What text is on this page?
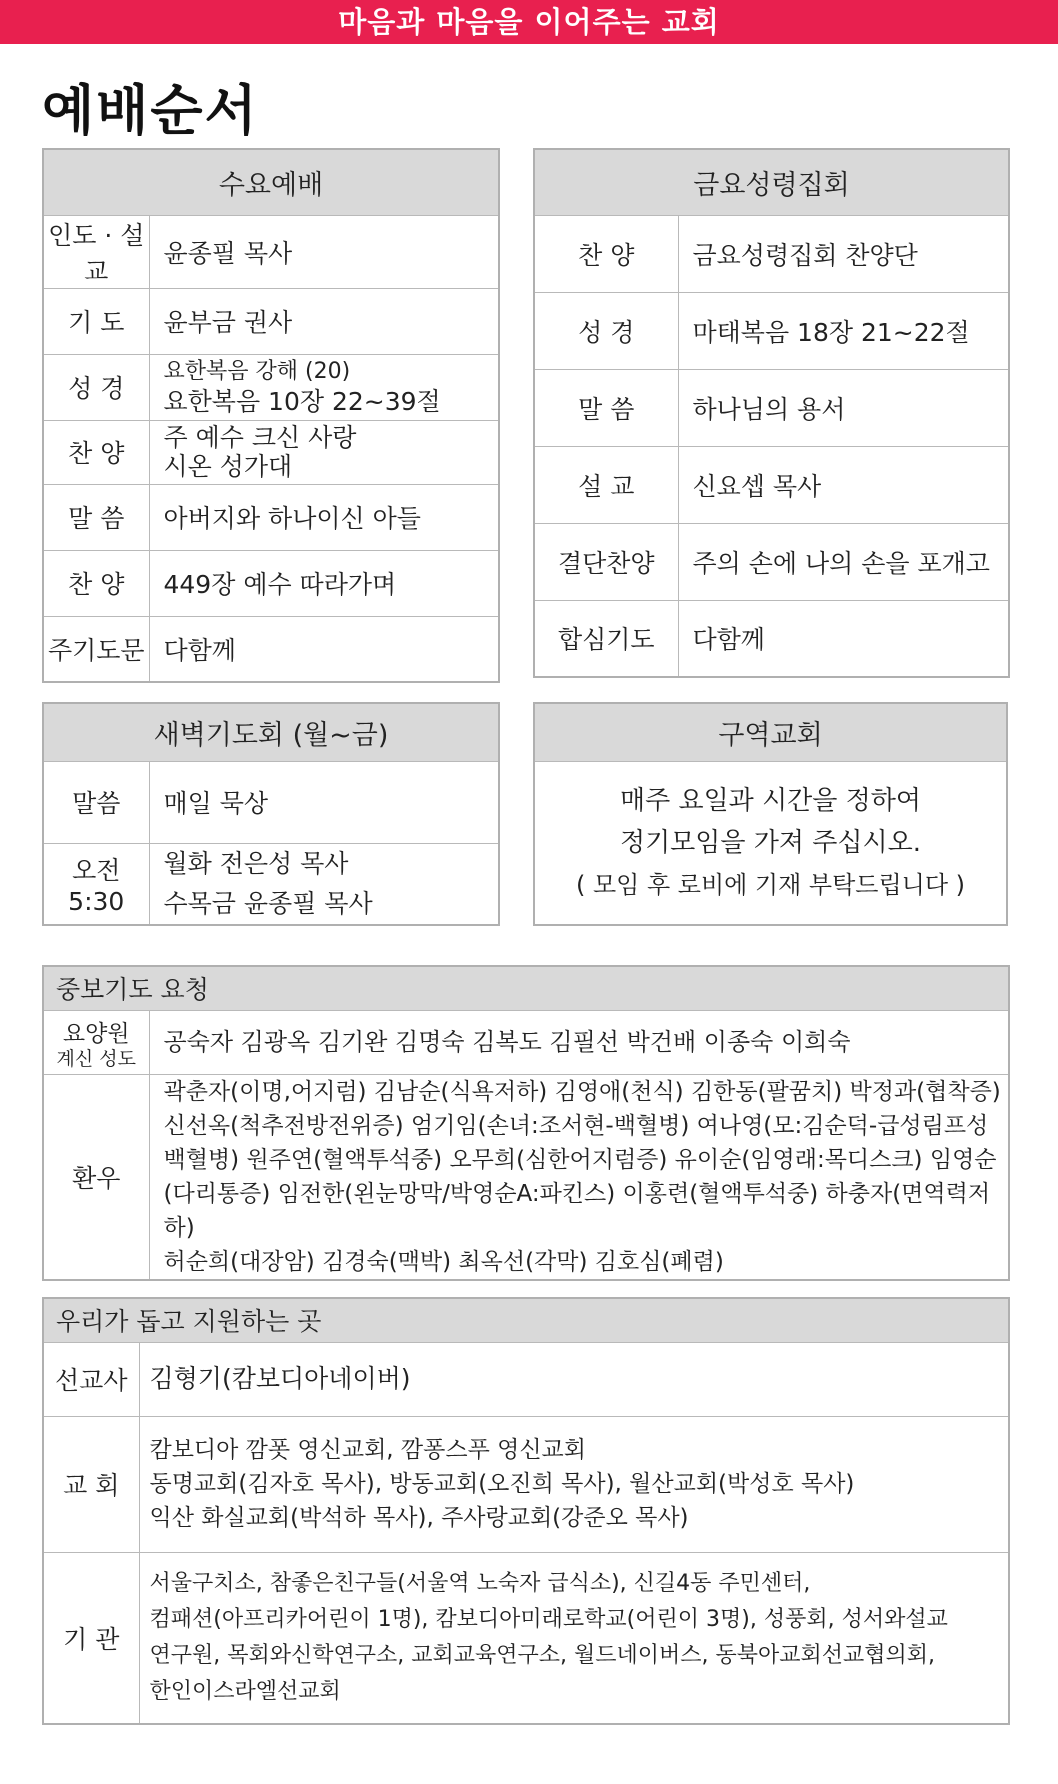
마음과 마음을 이어주는 교회
예배순서
수요예배	
인도 · 설교	윤종필 목사
기 도	윤부금 권사
성 경	요한복음 강해 (20)
요한복음 10장 22~39절

찬 양	주 예수 크신 사랑
시온 성가대

말 씀	아버지와 하나이신 아들
찬 양	449장 예수 따라가며
주기도문	다함께
금요성령집회	
찬 양	금요성령집회 찬양단
성 경	마태복음 18장 21~22절
말 씀	하나님의 용서
설 교	신요셉 목사
결단찬양	주의 손에 나의 손을 포개고
합심기도	다함께
새벽기도회 (월~금)	
말씀	매일 묵상
오전 5:30	월화 전은성 목사
수목금 윤종필 목사
구역교회

매주 요일과 시간을 정하여
정기모임을 가져 주십시오.
( 모임 후 로비에 기재 부탁드립니다 )
중보기도 요청	

요양원
계신 성도	공숙자 김광옥 김기완 김명숙 김복도 김필선 박건배 이종숙 이희숙
환우	곽춘자(이명,어지럼) 김남순(식욕저하) 김영애(천식) 김한동(팔꿈치) 박정과(협착증)
신선옥(척추전방전위증) 엄기임(손녀:조서현-백혈병) 여나영(모:김순덕-급성림프성
백혈병) 원주연(혈액투석중) 오무희(심한어지럼증) 유이순(임영래:목디스크) 임영순
(다리통증) 임전한(왼눈망막/박영순A:파킨스) 이홍련(혈액투석중) 하충자(면역력저하)
허순희(대장암) 김경숙(맥박) 최옥선(각막) 김호심(폐렴)
우리가 돕고 지원하는 곳	
선교사	김형기(캄보디아네이버)
교 회	캄보디아 깜폿 영신교회, 깜퐁스푸 영신교회
동명교회(김자호 목사), 방동교회(오진희 목사), 월산교회(박성호 목사)
익산 화실교회(박석하 목사), 주사랑교회(강준오 목사)

기 관	서울구치소, 참좋은친구들(서울역 노숙자 급식소), 신길4동 주민센터,
컴패션(아프리카어린이 1명), 캄보디아미래로학교(어린이 3명), 성풍회, 성서와설교
연구원, 목회와신학연구소, 교회교육연구소, 월드네이버스, 동북아교회선교협의회,
한인이스라엘선교회
